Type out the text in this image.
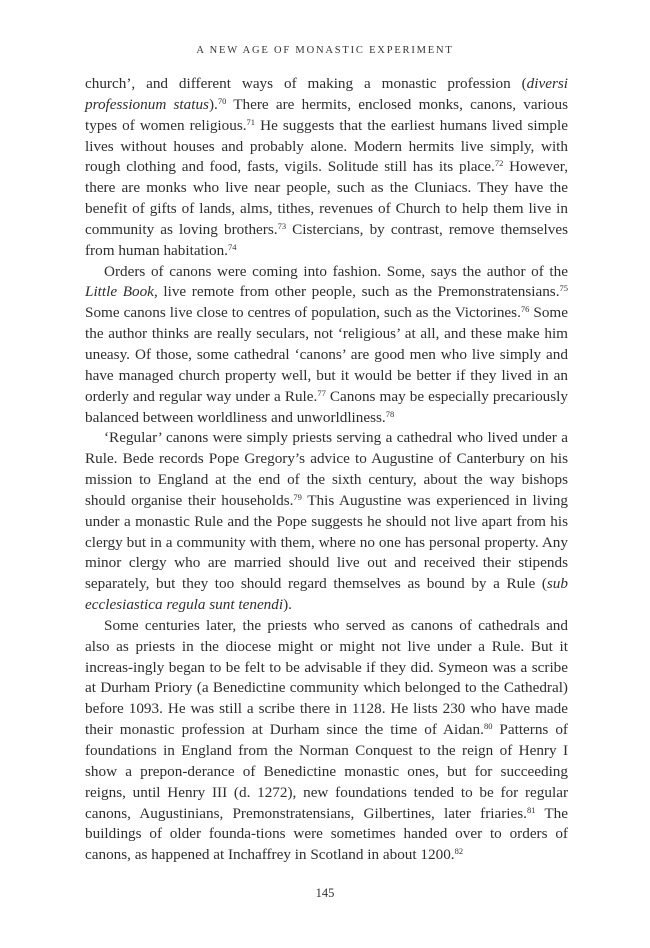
A NEW AGE OF MONASTIC EXPERIMENT

church’, and different ways of making a monastic profession (diversi professionum status).$^{70}$ There are hermits, enclosed monks, canons, various types of women religious.$^{71}$ He suggests that the earliest humans lived simple lives without houses and probably alone. Modern hermits live simply, with rough clothing and food, fasts, vigils. Solitude still has its place.$^{72}$ However, there are monks who live near people, such as the Cluniacs. They have the benefit of gifts of lands, alms, tithes, revenues of Church to help them live in community as loving brothers.$^{73}$ Cistercians, by contrast, remove themselves from human habitation.$^{74}$

Orders of canons were coming into fashion. Some, says the author of the Little Book, live remote from other people, such as the Premonstratensians.$^{75}$ Some canons live close to centres of population, such as the Victorines.$^{76}$ Some the author thinks are really seculars, not ‘religious’ at all, and these make him uneasy. Of those, some cathedral ‘canons’ are good men who live simply and have managed church property well, but it would be better if they lived in an orderly and regular way under a Rule.$^{77}$ Canons may be especially precariously balanced between worldliness and unworldliness.$^{78}$

‘Regular’ canons were simply priests serving a cathedral who lived under a Rule. Bede records Pope Gregory’s advice to Augustine of Canterbury on his mission to England at the end of the sixth century, about the way bishops should organise their households.$^{79}$ This Augustine was experienced in living under a monastic Rule and the Pope suggests he should not live apart from his clergy but in a community with them, where no one has personal property. Any minor clergy who are married should live out and received their stipends separately, but they too should regard themselves as bound by a Rule (sub ecclesiastica regula sunt tenendi).

Some centuries later, the priests who served as canons of cathedrals and also as priests in the diocese might or might not live under a Rule. But it increas-ingly began to be felt to be advisable if they did. Symeon was a scribe at Durham Priory (a Benedictine community which belonged to the Cathedral) before 1093. He was still a scribe there in 1128. He lists 230 who have made their monastic profession at Durham since the time of Aidan.$^{80}$ Patterns of foundations in England from the Norman Conquest to the reign of Henry I show a prepon-derance of Benedictine monastic ones, but for succeeding reigns, until Henry III (d. 1272), new foundations tended to be for regular canons, Augustinians, Premonstratensians, Gilbertines, later friaries.$^{81}$ The buildings of older founda-tions were sometimes handed over to orders of canons, as happened at Inchaffrey in Scotland in about 1200.82

145
